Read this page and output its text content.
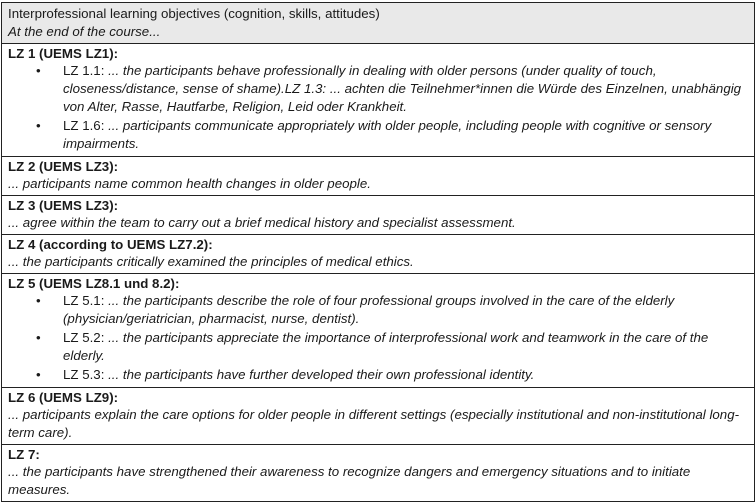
Interprofessional learning objectives (cognition, skills, attitudes)
At the end of the course...
LZ 1 (UEMS LZ1):
• LZ 1.1: ... the participants behave professionally in dealing with older persons (under quality of touch, closeness/distance, sense of shame).LZ 1.3: ... achten die Teilnehmer*innen die Würde des Einzelnen, unabhängig von Alter, Rasse, Hautfarbe, Religion, Leid oder Krankheit.
• LZ 1.6: ... participants communicate appropriately with older people, including people with cognitive or sensory impairments.
LZ 2 (UEMS LZ3):
... participants name common health changes in older people.
LZ 3 (UEMS LZ3):
... agree within the team to carry out a brief medical history and specialist assessment.
LZ 4 (according to UEMS LZ7.2):
... the participants critically examined the principles of medical ethics.
LZ 5 (UEMS LZ8.1 und 8.2):
• LZ 5.1: ... the participants describe the role of four professional groups involved in the care of the elderly (physician/geriatrician, pharmacist, nurse, dentist).
• LZ 5.2: ... the participants appreciate the importance of interprofessional work and teamwork in the care of the elderly.
• LZ 5.3: ... the participants have further developed their own professional identity.
LZ 6 (UEMS LZ9):
... participants explain the care options for older people in different settings (especially institutional and non-institutional long-term care).
LZ 7:
... the participants have strengthened their awareness to recognize dangers and emergency situations and to initiate measures.
